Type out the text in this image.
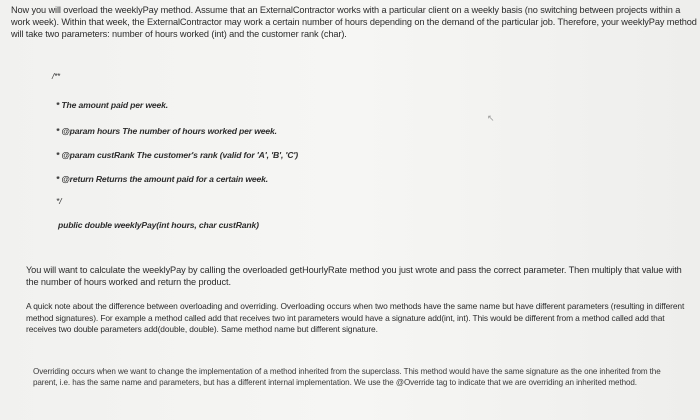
Now you will overload the weeklyPay method. Assume that an ExternalContractor works with a particular client on a weekly basis (no switching between projects within a work week). Within that week, the ExternalContractor may work a certain number of hours depending on the demand of the particular job. Therefore, your weeklyPay method will take two parameters: number of hours worked (int) and the customer rank (char).

/**
* The amount paid per week.
* @param hours The number of hours worked per week.
* @param custRank The customer's rank (valid for 'A', 'B', 'C')
* @return Returns the amount paid for a certain week.
*/
public double weeklyPay(int hours, char custRank)
↖

You will want to calculate the weeklyPay by calling the overloaded getHourlyRate method you just wrote and pass the correct parameter. Then multiply that value with the number of hours worked and return the product.

A quick note about the difference between overloading and overriding. Overloading occurs when two methods have the same name but have different parameters (resulting in different method signatures). For example a method called add that receives two int parameters would have a signature add(int, int). This would be different from a method called add that receives two double parameters add(double, double). Same method name but different signature.

Overriding occurs when we want to change the implementation of a method inherited from the superclass. This method would have the same signature as the one inherited from the parent, i.e. has the same name and parameters, but has a different internal implementation. We use the @Override tag to indicate that we are overriding an inherited method.
